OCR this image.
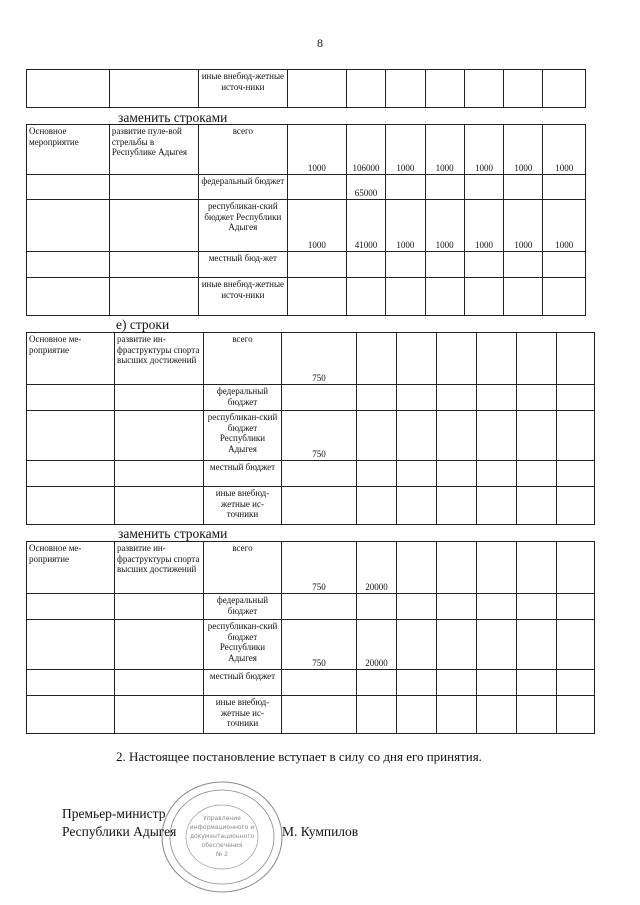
8
		иные внебюд-жетные источ-ники							
заменить строками
Основное мероприятие	развитие пуле-вой стрельбы в Республике Адыгея	всего	1000	106000	1000	1000	1000	1000	1000
		федеральный бюджет		65000					
		республикан-ский бюджет Республики Адыгея	1000	41000	1000	1000	1000	1000	1000
		местный бюд-жет							
		иные внебюд-жетные источ-ники							
е) строки
Основное ме-роприятие	развитие ин-фраструктуры спорта высших достижений	всего	750						
		федеральный бюджет							
		республикан-ский бюджет Республики Адыгея	750						
		местный бюджет							
		иные внебюд-жетные ис-точники							
заменить строками
Основное ме-роприятие	развитие ин-фраструктуры спорта высших достижений	всего	750	20000					
		федеральный бюджет							
		республикан-ский бюджет Республики Адыгея	750	20000					
		местный бюджет							
		иные внебюд-жетные ис-точники							
2. Настоящее постановление вступает в силу со дня его принятия.
Управление
информационного и
документационного
обеспечения
№ 2
Премьер-министр
Республики Адыгея	М. Кумпилов
